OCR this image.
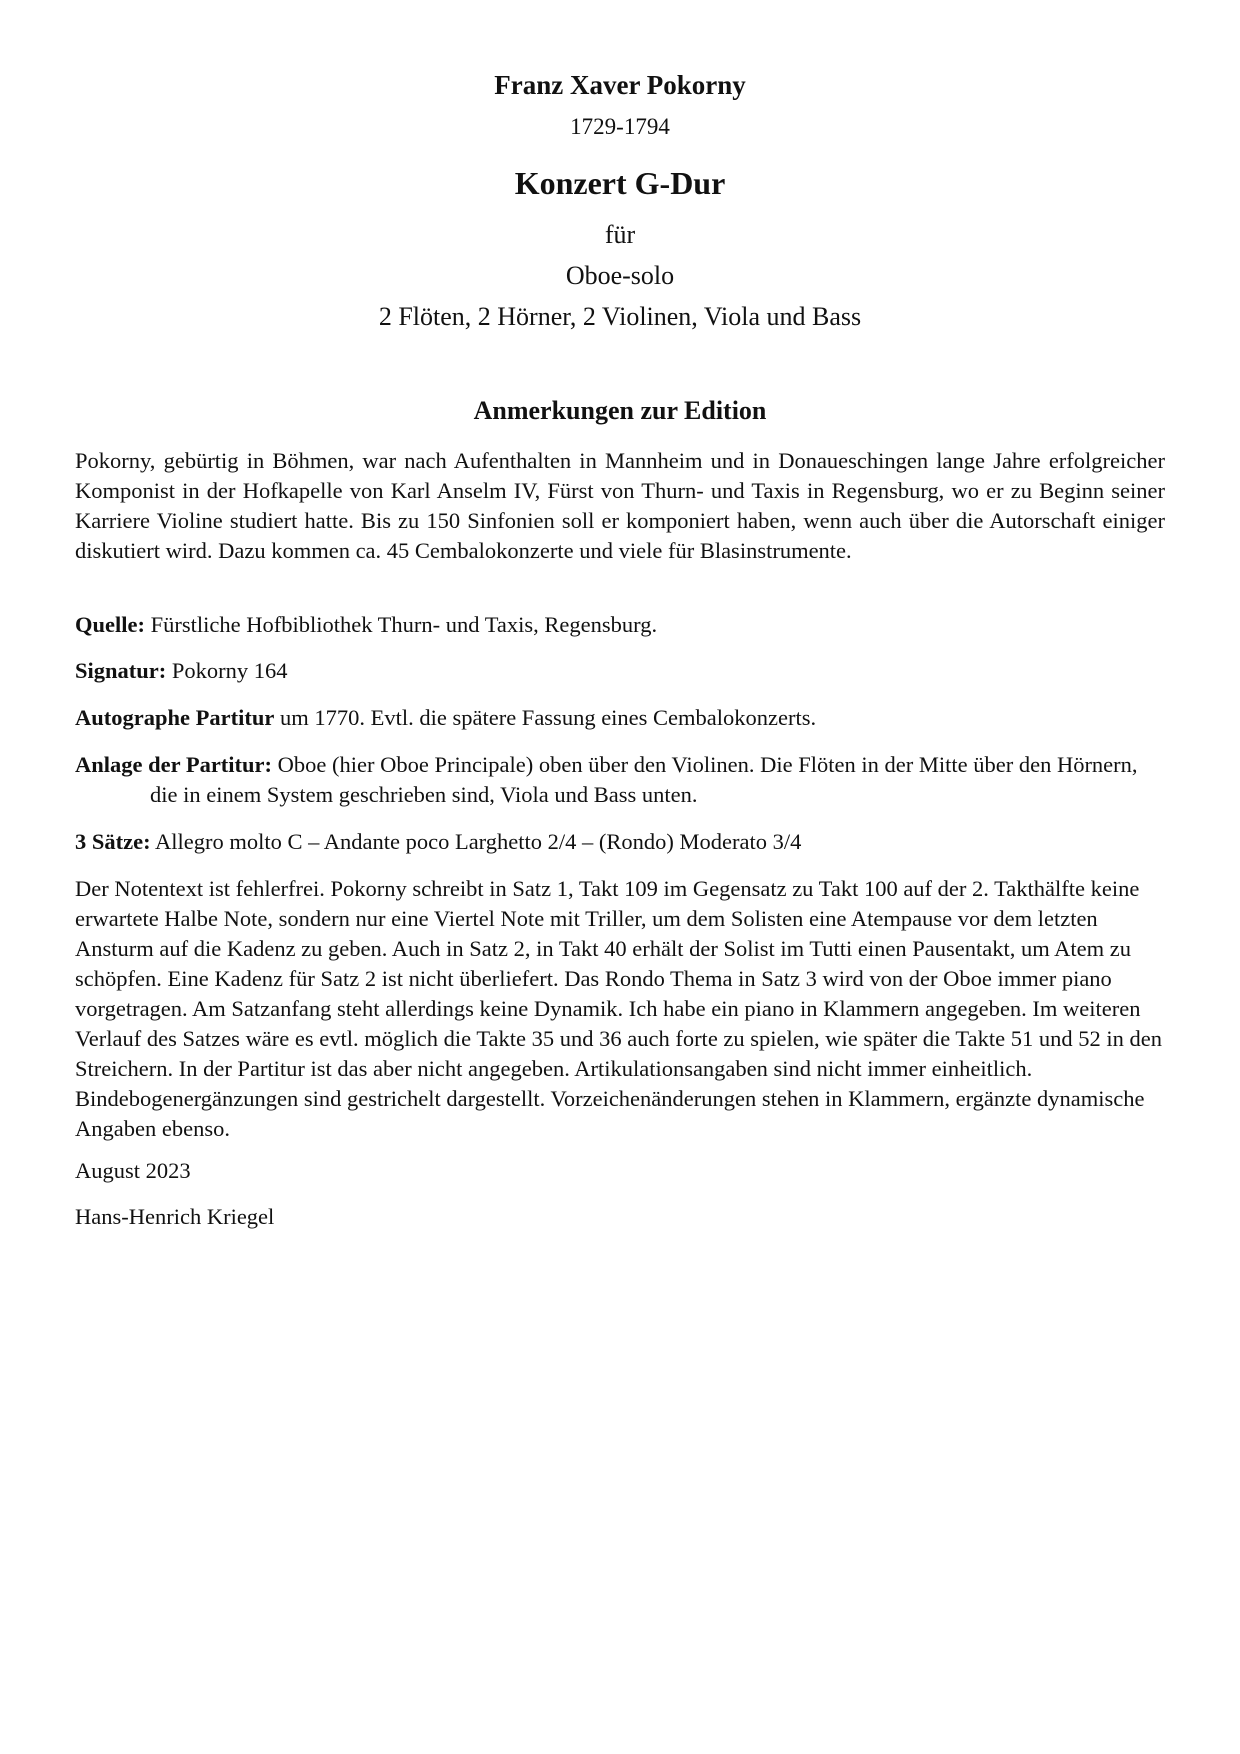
Franz Xaver Pokorny

1729-1794

Konzert G-Dur

für

Oboe-solo

2 Flöten, 2 Hörner, 2 Violinen, Viola und Bass

Anmerkungen zur Edition

Pokorny, gebürtig in Böhmen, war nach Aufenthalten in Mannheim und in Donaueschingen lange Jahre erfolgreicher Komponist in der Hofkapelle von Karl Anselm IV, Fürst von Thurn- und Taxis in Regensburg, wo er zu Beginn seiner Karriere Violine studiert hatte. Bis zu 150 Sinfonien soll er komponiert haben, wenn auch über die Autorschaft einiger diskutiert wird. Dazu kommen ca. 45 Cembalokonzerte und viele für Blasinstrumente.

Quelle: Fürstliche Hofbibliothek Thurn- und Taxis, Regensburg.

Signatur: Pokorny 164

Autographe Partitur um 1770. Evtl. die spätere Fassung eines Cembalokonzerts.

Anlage der Partitur: Oboe (hier Oboe Principale) oben über den Violinen. Die Flöten in der Mitte über den Hörnern, die in einem System geschrieben sind, Viola und Bass unten.

3 Sätze: Allegro molto C – Andante poco Larghetto 2/4 – (Rondo) Moderato 3/4

Der Notentext ist fehlerfrei. Pokorny schreibt in Satz 1, Takt 109 im Gegensatz zu Takt 100 auf der 2. Takthälfte keine erwartete Halbe Note, sondern nur eine Viertel Note mit Triller, um dem Solisten eine Atempause vor dem letzten Ansturm auf die Kadenz zu geben. Auch in Satz 2, in Takt 40 erhält der Solist im Tutti einen Pausentakt, um Atem zu schöpfen. Eine Kadenz für Satz 2 ist nicht überliefert. Das Rondo Thema in Satz 3 wird von der Oboe immer piano vorgetragen. Am Satzanfang steht allerdings keine Dynamik. Ich habe ein piano in Klammern angegeben. Im weiteren Verlauf des Satzes wäre es evtl. möglich die Takte 35 und 36 auch forte zu spielen, wie später die Takte 51 und 52 in den Streichern. In der Partitur ist das aber nicht angegeben. Artikulationsangaben sind nicht immer einheitlich. Bindebogenergänzungen sind gestrichelt dargestellt. Vorzeichenänderungen stehen in Klammern, ergänzte dynamische Angaben ebenso.

August 2023

Hans-Henrich Kriegel
